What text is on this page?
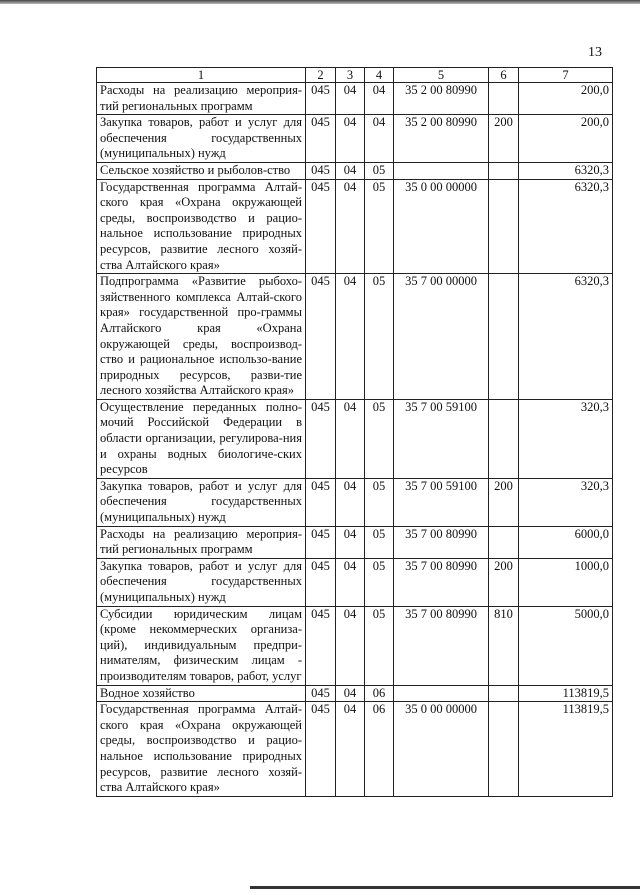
13
1	2	3	4	5	6	7
Расходы на реализацию мероприя-тий региональных программ	045	04	04	35 2 00 80990		200,0
Закупка товаров, работ и услуг для обеспечения государственных (муниципальных) нужд	045	04	04	35 2 00 80990	200	200,0
Сельское хозяйство и рыболов-ство	045	04	05			6320,3
Государственная программа Алтай-ского края «Охрана окружающей среды, воспроизводство и рацио-нальное использование природных ресурсов, развитие лесного хозяй-ства Алтайского края»	045	04	05	35 0 00 00000		6320,3
Подпрограмма «Развитие рыбохо-зяйственного комплекса Алтай-ского края» государственной про-граммы Алтайского края «Охрана окружающей среды, воспроизвод-ство и рациональное использо-вание природных ресурсов, разви-тие лесного хозяйства Алтайского края»	045	04	05	35 7 00 00000		6320,3
Осуществление переданных полно-мочий Российской Федерации в области организации, регулирова-ния и охраны водных биологиче-ских ресурсов	045	04	05	35 7 00 59100		320,3
Закупка товаров, работ и услуг для обеспечения государственных (муниципальных) нужд	045	04	05	35 7 00 59100	200	320,3
Расходы на реализацию мероприя-тий региональных программ	045	04	05	35 7 00 80990		6000,0
Закупка товаров, работ и услуг для обеспечения государственных (муниципальных) нужд	045	04	05	35 7 00 80990	200	1000,0
Субсидии юридическим лицам (кроме некоммерческих организа-ций), индивидуальным предпри-нимателям, физическим лицам - производителям товаров, работ, услуг	045	04	05	35 7 00 80990	810	5000,0
Водное хозяйство	045	04	06			113819,5
Государственная программа Алтай-ского края «Охрана окружающей среды, воспроизводство и рацио-нальное использование природных ресурсов, развитие лесного хозяй-ства Алтайского края»	045	04	06	35 0 00 00000		113819,5
